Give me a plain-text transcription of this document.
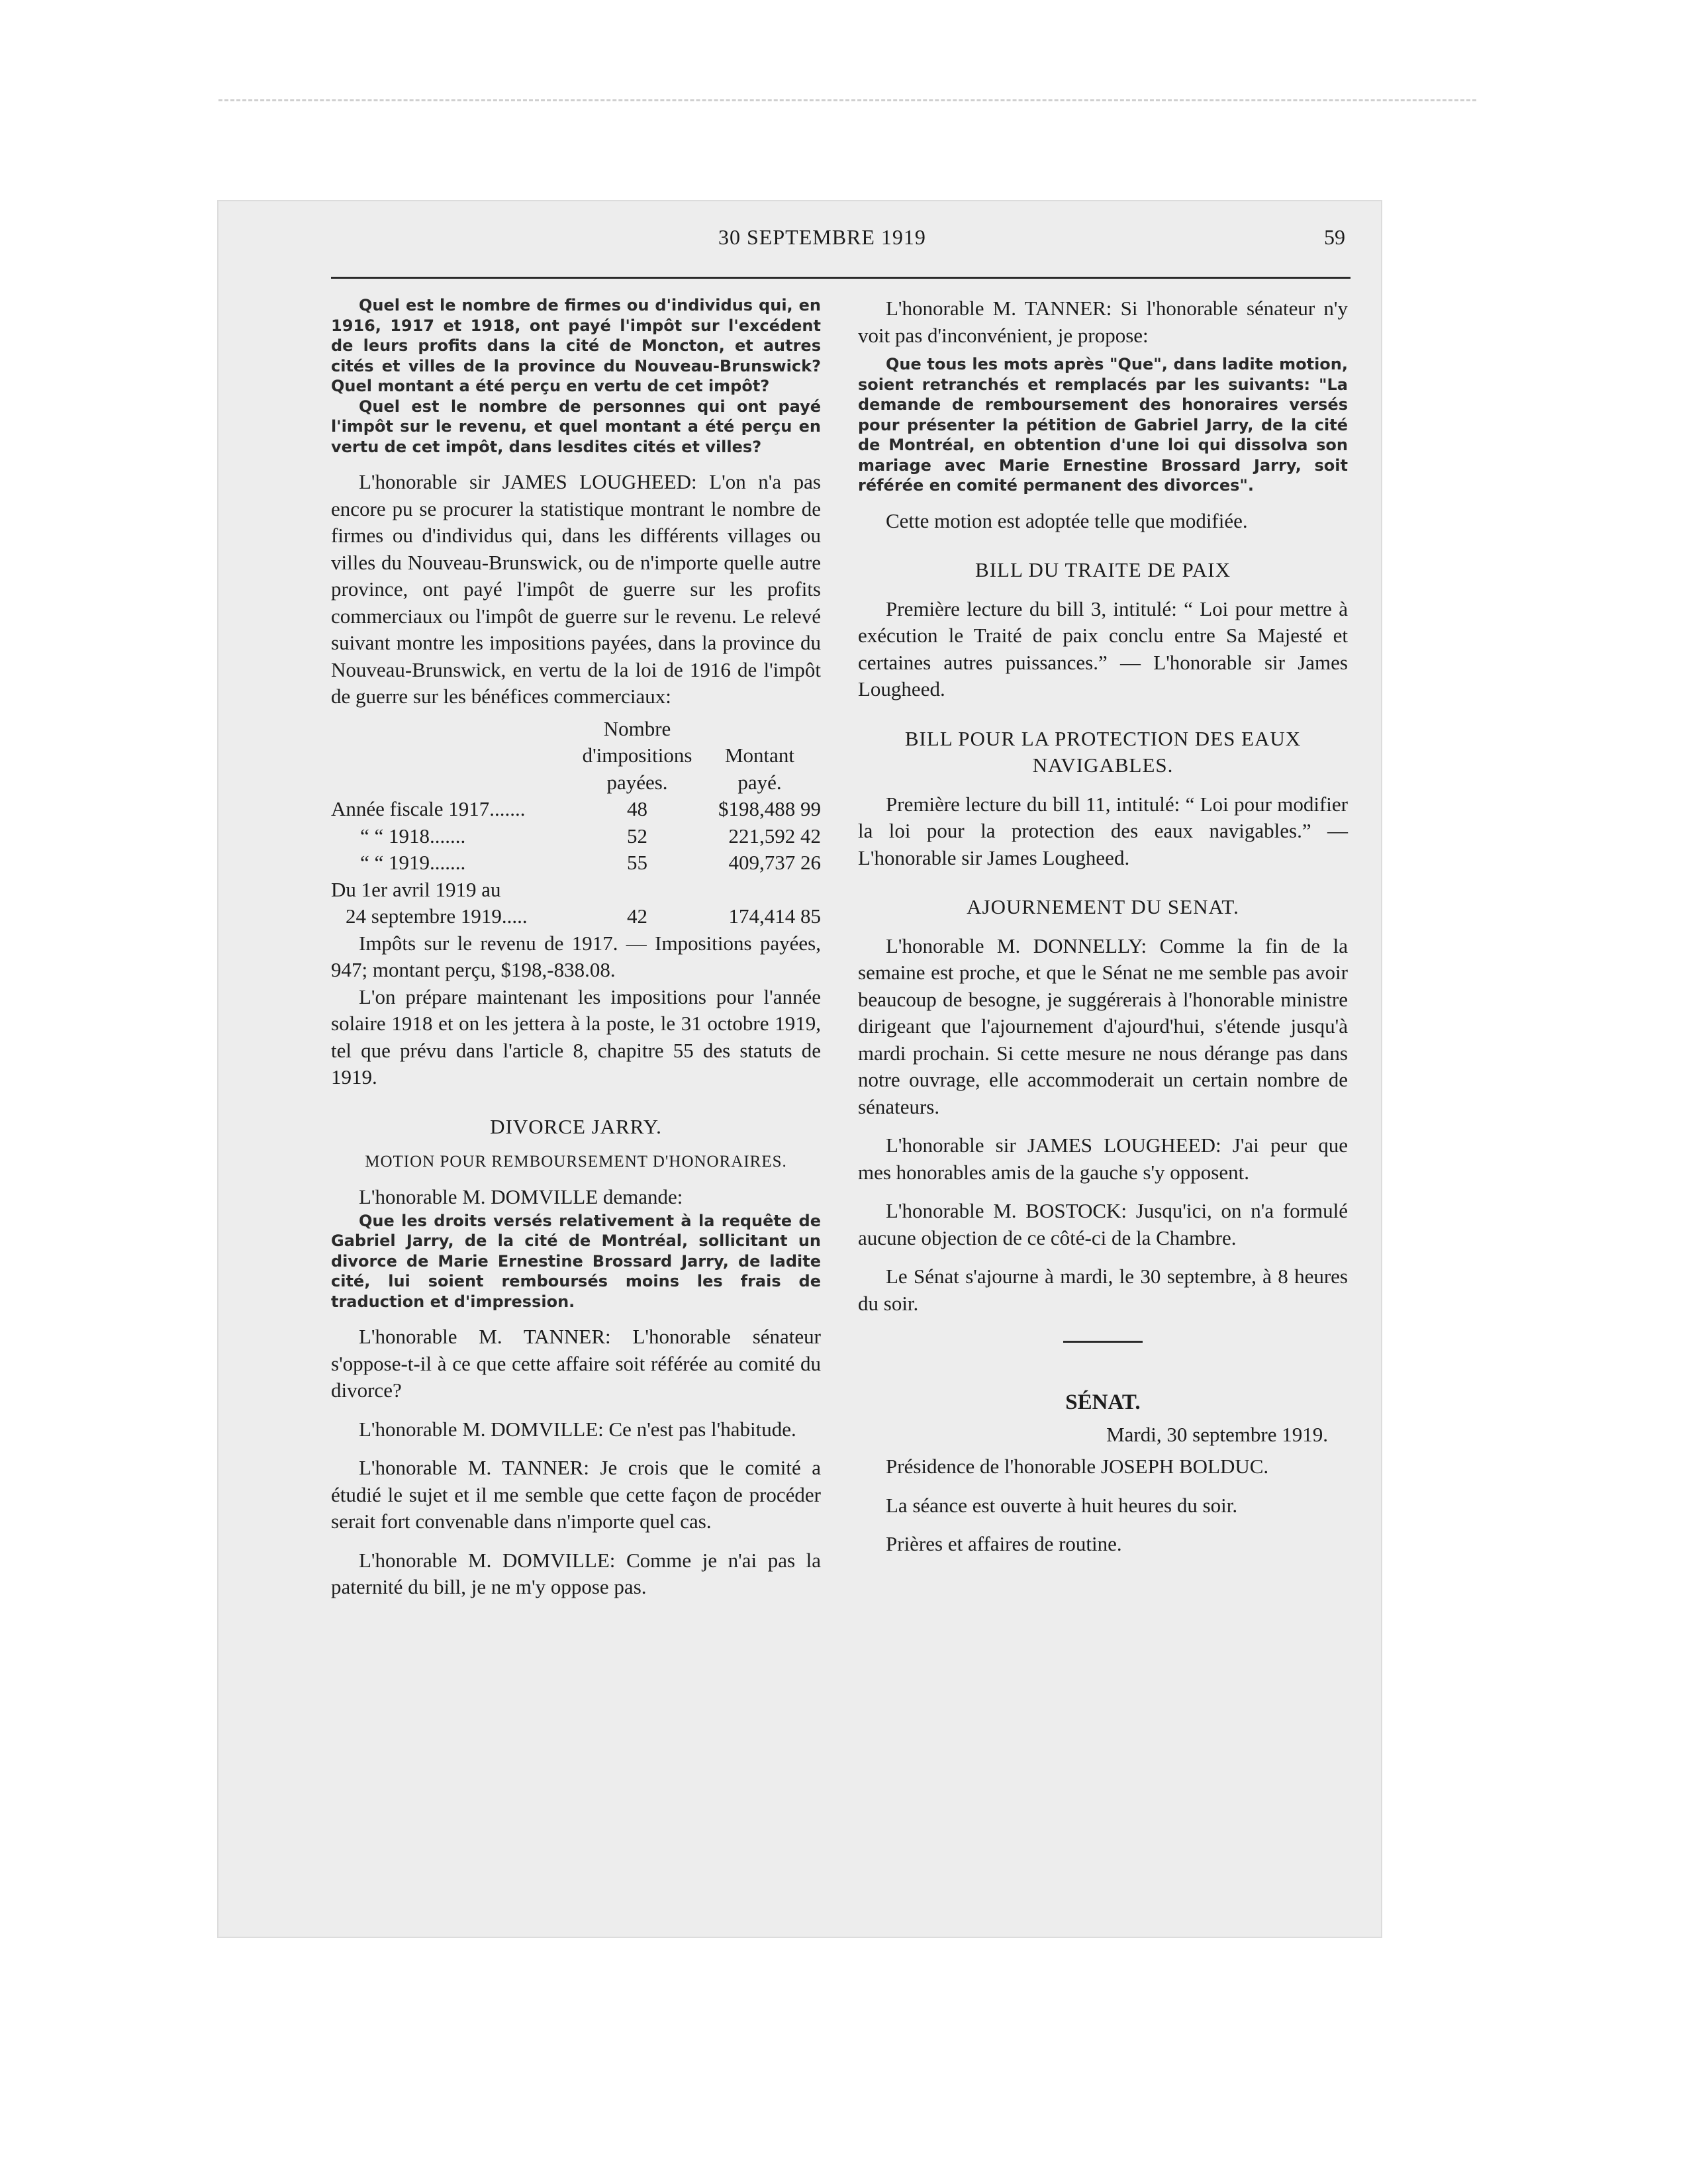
30 SEPTEMBRE 1919	59

Quel est le nombre de firmes ou d'individus qui, en 1916, 1917 et 1918, ont payé l'impôt sur l'excédent de leurs profits dans la cité de Moncton, et autres cités et villes de la province du Nouveau-Brunswick? Quel montant a été perçu en vertu de cet impôt?

Quel est le nombre de personnes qui ont payé l'impôt sur le revenu, et quel montant a été perçu en vertu de cet impôt, dans lesdites cités et villes?

L'honorable sir JAMES LOUGHEED: L'on n'a pas encore pu se procurer la statistique montrant le nombre de firmes ou d'individus qui, dans les différents villages ou villes du Nouveau-Brunswick, ou de n'importe quelle autre province, ont payé l'impôt de guerre sur les profits commerciaux ou l'impôt de guerre sur le revenu. Le relevé suivant montre les impositions payées, dans la province du Nouveau-Brunswick, en vertu de la loi de 1916 de l'impôt de guerre sur les bénéfices commerciaux:

	Nombre	
	d'impositions	Montant
	payées.	payé.
Année fiscale 1917.......	48	$198,488 99
“ “ 1918.......	52	221,592 42
“ “ 1919.......	55	409,737 26
Du 1er avril 1919 au		
24 septembre 1919.....	42	174,414 85

Impôts sur le revenu de 1917. — Impositions payées, 947; montant perçu, $198,-838.08.

L'on prépare maintenant les impositions pour l'année solaire 1918 et on les jettera à la poste, le 31 octobre 1919, tel que prévu dans l'article 8, chapitre 55 des statuts de 1919.

DIVORCE JARRY.

MOTION POUR REMBOURSEMENT D'HONORAIRES.

L'honorable M. DOMVILLE demande:

Que les droits versés relativement à la requête de Gabriel Jarry, de la cité de Montréal, sollicitant un divorce de Marie Ernestine Brossard Jarry, de ladite cité, lui soient remboursés moins les frais de traduction et d'impression.

L'honorable M. TANNER: L'honorable sénateur s'oppose-t-il à ce que cette affaire soit référée au comité du divorce?

L'honorable M. DOMVILLE: Ce n'est pas l'habitude.

L'honorable M. TANNER: Je crois que le comité a étudié le sujet et il me semble que cette façon de procéder serait fort convenable dans n'importe quel cas.

L'honorable M. DOMVILLE: Comme je n'ai pas la paternité du bill, je ne m'y oppose pas.

L'honorable M. TANNER: Si l'honorable sénateur n'y voit pas d'inconvénient, je propose:

Que tous les mots après "Que", dans ladite motion, soient retranchés et remplacés par les suivants: "La demande de remboursement des honoraires versés pour présenter la pétition de Gabriel Jarry, de la cité de Montréal, en obtention d'une loi qui dissolva son mariage avec Marie Ernestine Brossard Jarry, soit référée en comité permanent des divorces".

Cette motion est adoptée telle que modifiée.

BILL DU TRAITE DE PAIX

Première lecture du bill 3, intitulé: “ Loi pour mettre à exécution le Traité de paix conclu entre Sa Majesté et certaines autres puissances.” — L'honorable sir James Lougheed.

BILL POUR LA PROTECTION DES EAUX NAVIGABLES.

Première lecture du bill 11, intitulé: “ Loi pour modifier la loi pour la protection des eaux navigables.” — L'honorable sir James Lougheed.

AJOURNEMENT DU SENAT.

L'honorable M. DONNELLY: Comme la fin de la semaine est proche, et que le Sénat ne me semble pas avoir beaucoup de besogne, je suggérerais à l'honorable ministre dirigeant que l'ajournement d'ajourd'hui, s'étende jusqu'à mardi prochain. Si cette mesure ne nous dérange pas dans notre ouvrage, elle accommoderait un certain nombre de sénateurs.

L'honorable sir JAMES LOUGHEED: J'ai peur que mes honorables amis de la gauche s'y opposent.

L'honorable M. BOSTOCK: Jusqu'ici, on n'a formulé aucune objection de ce côté-ci de la Chambre.

Le Sénat s'ajourne à mardi, le 30 septembre, à 8 heures du soir.

SÉNAT.

Mardi, 30 septembre 1919.

Présidence de l'honorable JOSEPH BOLDUC.

La séance est ouverte à huit heures du soir.

Prières et affaires de routine.
